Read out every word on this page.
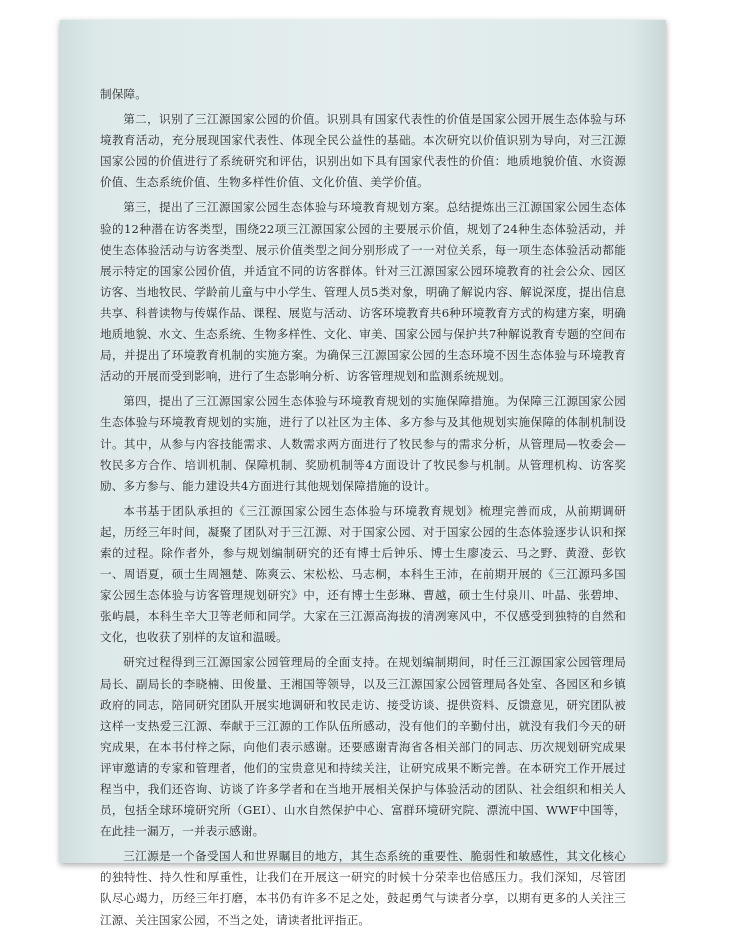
制保障。

第二，识别了三江源国家公园的价值。识别具有国家代表性的价值是国家公园开展生态体验与环境教育活动，充分展现国家代表性、体现全民公益性的基础。本次研究以价值识别为导向，对三江源国家公园的价值进行了系统研究和评估，识别出如下具有国家代表性的价值：地质地貌价值、水资源价值、生态系统价值、生物多样性价值、文化价值、美学价值。

第三，提出了三江源国家公园生态体验与环境教育规划方案。总结提炼出三江源国家公园生态体验的12种潜在访客类型，围绕22项三江源国家公园的主要展示价值，规划了24种生态体验活动，并使生态体验活动与访客类型、展示价值类型之间分别形成了一一对位关系，每一项生态体验活动都能展示特定的国家公园价值，并适宜不同的访客群体。针对三江源国家公园环境教育的社会公众、园区访客、当地牧民、学龄前儿童与中小学生、管理人员5类对象，明确了解说内容、解说深度，提出信息共享、科普读物与传媒作品、课程、展览与活动、访客环境教育共6种环境教育方式的构建方案，明确地质地貌、水文、生态系统、生物多样性、文化、审美、国家公园与保护共7种解说教育专题的空间布局，并提出了环境教育机制的实施方案。为确保三江源国家公园的生态环境不因生态体验与环境教育活动的开展而受到影响，进行了生态影响分析、访客管理规划和监测系统规划。

第四，提出了三江源国家公园生态体验与环境教育规划的实施保障措施。为保障三江源国家公园生态体验与环境教育规划的实施，进行了以社区为主体、多方参与及其他规划实施保障的体制机制设计。其中，从参与内容技能需求、人数需求两方面进行了牧民参与的需求分析，从管理局—牧委会—牧民多方合作、培训机制、保障机制、奖励机制等4方面设计了牧民参与机制。从管理机构、访客奖励、多方参与、能力建设共4方面进行其他规划保障措施的设计。

本书基于团队承担的《三江源国家公园生态体验与环境教育规划》梳理完善而成，从前期调研起，历经三年时间，凝聚了团队对于三江源、对于国家公园、对于国家公园的生态体验逐步认识和探索的过程。除作者外，参与规划编制研究的还有博士后钟乐、博士生廖凌云、马之野、黄澄、彭钦一、周语夏，硕士生周翘楚、陈爽云、宋松松、马志桐，本科生王沛，在前期开展的《三江源玛多国家公园生态体验与访客管理规划研究》中，还有博士生彭琳、曹越，硕士生付泉川、叶晶、张碧坤、张屿晨，本科生辛大卫等老师和同学。大家在三江源高海拔的清冽寒风中，不仅感受到独特的自然和文化，也收获了别样的友谊和温暖。

研究过程得到三江源国家公园管理局的全面支持。在规划编制期间，时任三江源国家公园管理局局长、副局长的李晓楠、田俊量、王湘国等领导，以及三江源国家公园管理局各处室、各园区和乡镇政府的同志，陪同研究团队开展实地调研和牧民走访、接受访谈、提供资料、反馈意见，研究团队被这样一支热爱三江源、奉献于三江源的工作队伍所感动，没有他们的辛勤付出，就没有我们今天的研究成果，在本书付梓之际，向他们表示感谢。还要感谢青海省各相关部门的同志、历次规划研究成果评审邀请的专家和管理者，他们的宝贵意见和持续关注，让研究成果不断完善。在本研究工作开展过程当中，我们还咨询、访谈了许多学者和在当地开展相关保护与体验活动的团队、社会组织和相关人员，包括全球环境研究所（GEI）、山水自然保护中心、富群环境研究院、漂流中国、WWF中国等，在此挂一漏万，一并表示感谢。

三江源是一个备受国人和世界瞩目的地方，其生态系统的重要性、脆弱性和敏感性，其文化核心的独特性、持久性和厚重性，让我们在开展这一研究的时候十分荣幸也倍感压力。我们深知，尽管团队尽心竭力，历经三年打磨，本书仍有许多不足之处，鼓起勇气与读者分享，以期有更多的人关注三江源、关注国家公园，不当之处，请读者批评指正。
